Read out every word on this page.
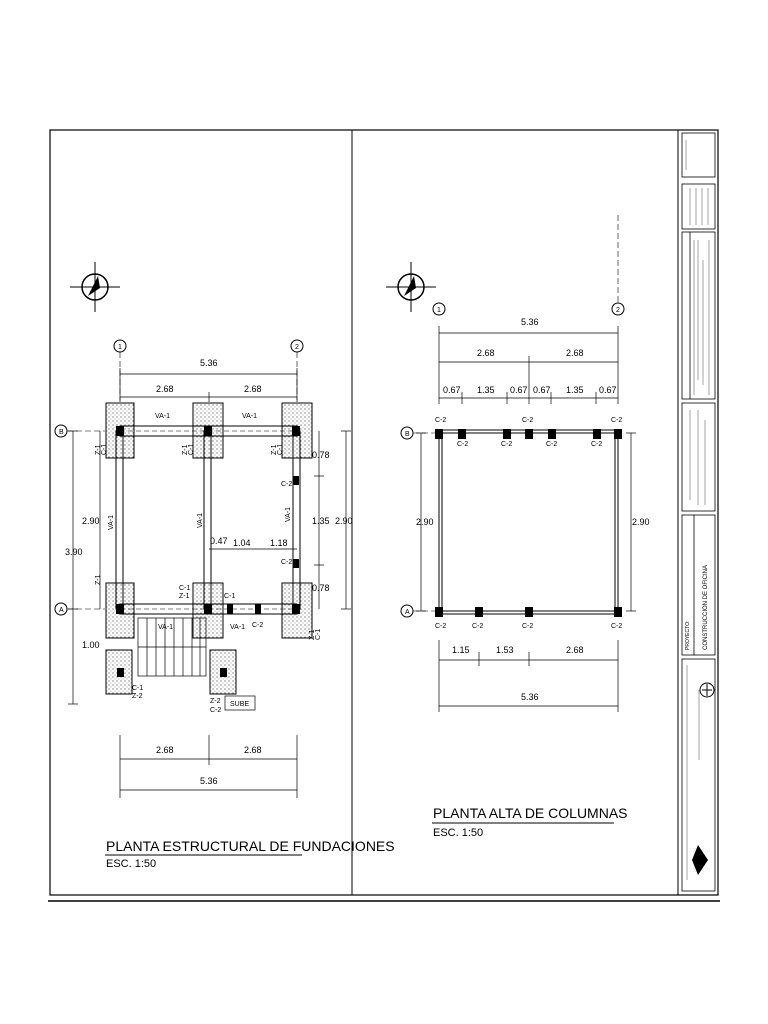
1	2
B
A
SUBE
VA-1	VA-1
VA-1	VA-1
VA-1	VA-1	VA-1
C-1
Z-1	C-1
C-2
C-2
C-2
C-1
Z-2
Z-2
C-2
Z-1 C-1	Z-1 C-1	Z-1 C-1
Z-1
C-1
Z-1
5.36
2.68	2.68
2.68	2.68
5.36
2.90
3.90
1.00
0.78
1.35
0.78
2.90
0.47 1.04 1.18
PLANTA ESTRUCTURAL DE FUNDACIONES
ESC. 1:50
1	2
B
A
C-2	C-2	C-2
C-2	C-2	C-2	C-2
C-2	C-2	C-2	C-2
5.36
2.68	2.68
0.67 1.35 0.67 0.67 1.35 0.67
2.90	2.90
1.15	1.53	2.68
5.36
PLANTA ALTA DE COLUMNAS
ESC. 1:50
PROYECTO: CONSTRUCCION DE OFICINA
